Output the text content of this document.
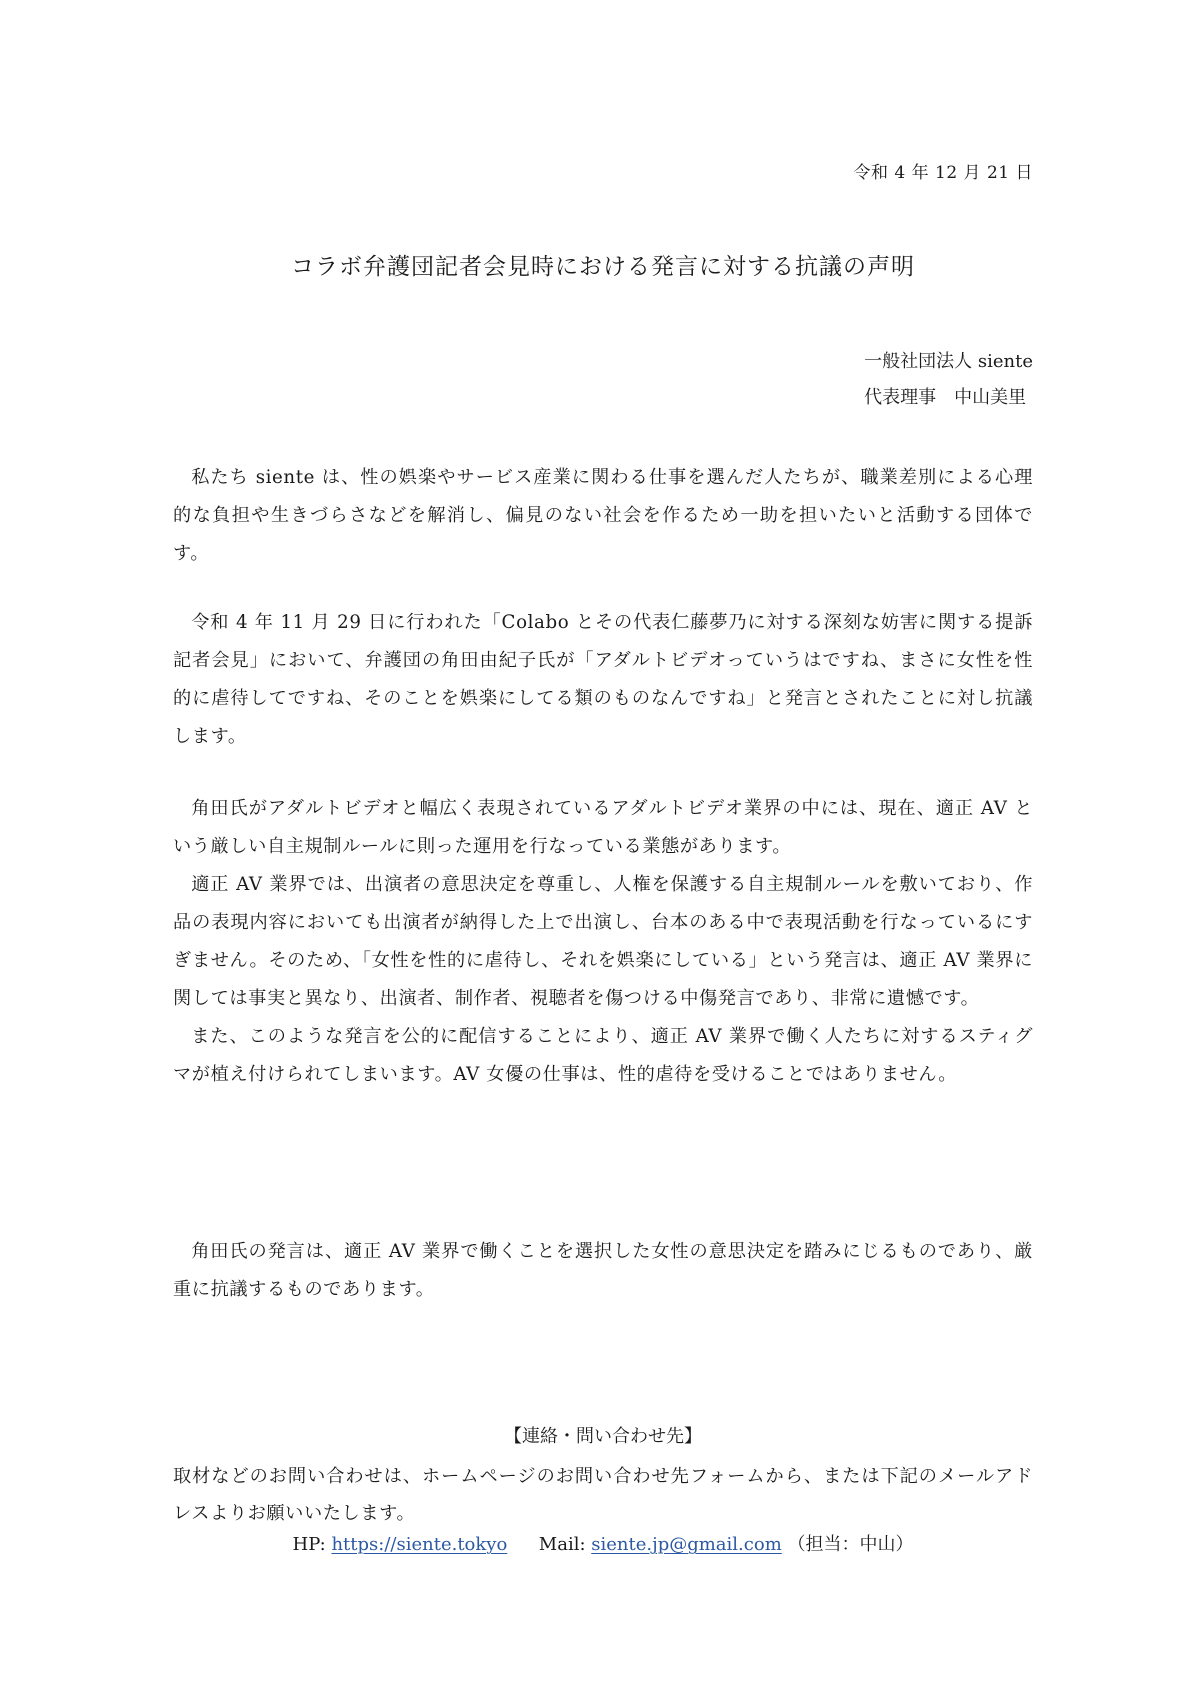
令和 4 年 12 月 21 日
コラボ弁護団記者会見時における発言に対する抗議の声明
一般社団法人 siente
代表理事　中山美里

私たち siente は、性の娯楽やサービス産業に関わる仕事を選んだ人たちが、職業差別による心理的な負担や生きづらさなどを解消し、偏見のない社会を作るため一助を担いたいと活動する団体です。

令和 4 年 11 月 29 日に行われた「Colabo とその代表仁藤夢乃に対する深刻な妨害に関する提訴記者会見」において、弁護団の角田由紀子氏が「アダルトビデオっていうはですね、まさに女性を性的に虐待してですね、そのことを娯楽にしてる類のものなんですね」と発言とされたことに対し抗議します。

角田氏がアダルトビデオと幅広く表現されているアダルトビデオ業界の中には、現在、適正 AV という厳しい自主規制ルールに則った運用を行なっている業態があります。

適正 AV 業界では、出演者の意思決定を尊重し、人権を保護する自主規制ルールを敷いており、作品の表現内容においても出演者が納得した上で出演し、台本のある中で表現活動を行なっているにすぎません。そのため、「女性を性的に虐待し、それを娯楽にしている」という発言は、適正 AV 業界に関しては事実と異なり、出演者、制作者、視聴者を傷つける中傷発言であり、非常に遺憾です。

また、このような発言を公的に配信することにより、適正 AV 業界で働く人たちに対するスティグマが植え付けられてしまいます。AV 女優の仕事は、性的虐待を受けることではありません。

角田氏の発言は、適正 AV 業界で働くことを選択した女性の意思決定を踏みにじるものであり、厳重に抗議するものであります。

【連絡・問い合わせ先】
取材などのお問い合わせは、ホームページのお問い合わせ先フォームから、または下記のメールアドレスよりお願いいたします。
HP: https://siente.tokyo Mail: siente.jp@gmail.com （担当：中山）
